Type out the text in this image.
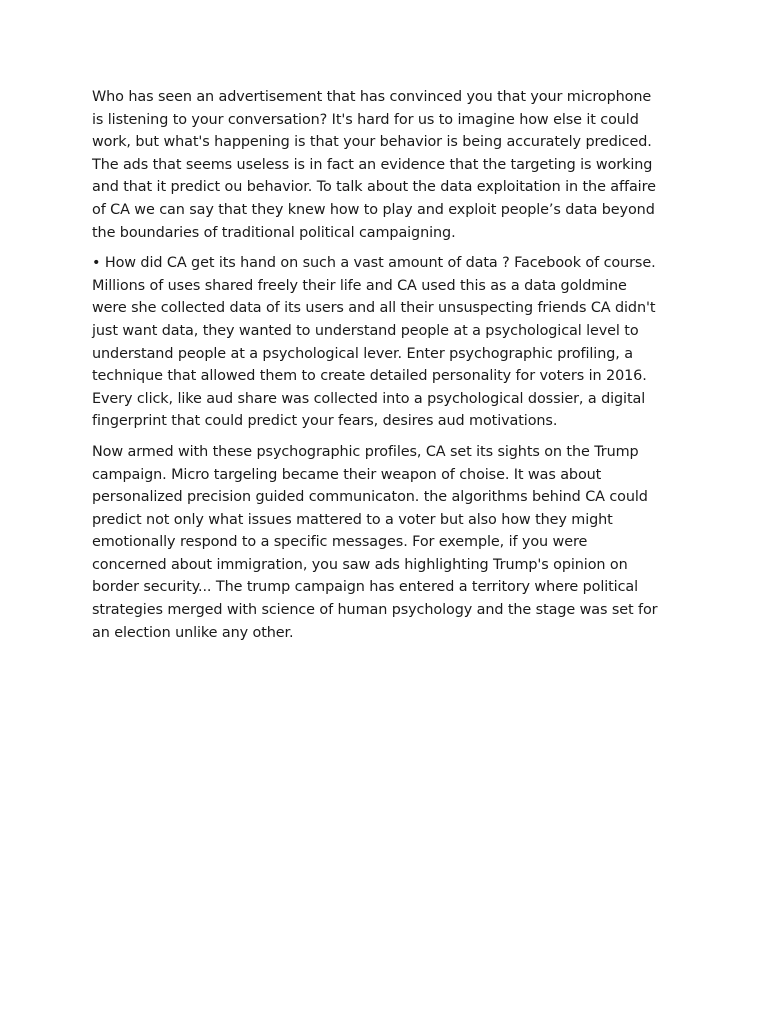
Who has seen an advertisement that has convinced you that your microphone
is listening to your conversation? It's hard for us to imagine how else it could
work, but what's happening is that your behavior is being accurately prediced.
The ads that seems useless is in fact an evidence that the targeting is working
and that it predict ou behavior. To talk about the data exploitation in the affaire
of CA we can say that they knew how to play and exploit people’s data beyond
the boundaries of traditional political campaigning.

• How did CA get its hand on such a vast amount of data ? Facebook of course.
Millions of uses shared freely their life and CA used this as a data goldmine
were she collected data of its users and all their unsuspecting friends CA didn't
just want data, they wanted to understand people at a psychological level to
understand people at a psychological lever. Enter psychographic profiling, a
technique that allowed them to create detailed personality for voters in 2016.
Every click, like aud share was collected into a psychological dossier, a digital
fingerprint that could predict your fears, desires aud motivations.

Now armed with these psychographic profiles, CA set its sights on the Trump
campaign. Micro targeling became their weapon of choise. It was about
personalized precision guided communicaton. the algorithms behind CA could
predict not only what issues mattered to a voter but also how they might
emotionally respond to a specific messages. For exemple, if you were
concerned about immigration, you saw ads highlighting Trump's opinion on
border security... The trump campaign has entered a territory where political
strategies merged with science of human psychology and the stage was set for
an election unlike any other.
